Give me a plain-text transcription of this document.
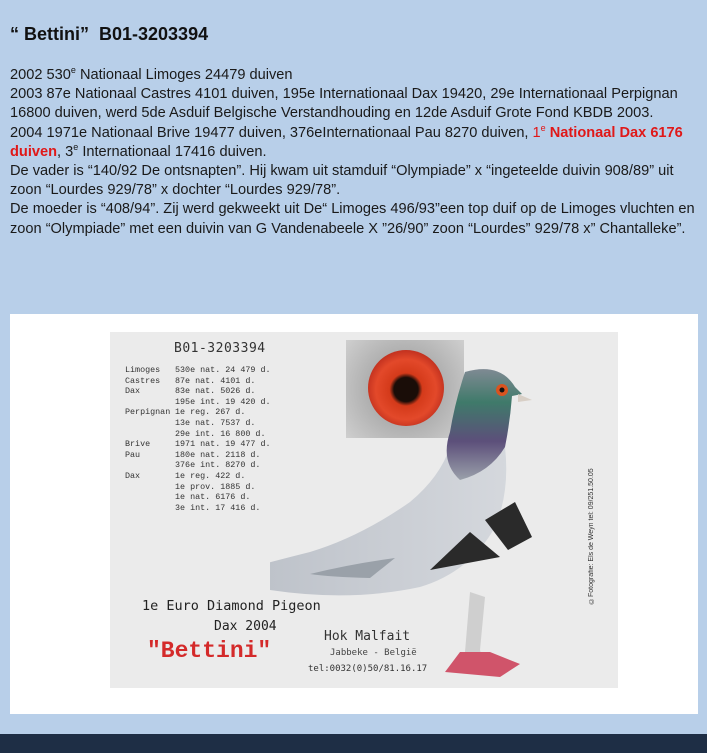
“ Bettini”  B01-3203394

2002 530e Nationaal Limoges 24479 duiven

2003 87e Nationaal Castres 4101 duiven, 195e Internationaal Dax 19420, 29e Internationaal Perpignan 16800 duiven, werd 5de Asduif Belgische Verstandhouding en 12de Asduif Grote Fond KBDB 2003.

2004 1971e Nationaal Brive 19477 duiven, 376eInternationaal Pau 8270 duiven, 1e Nationaal Dax 6176 duiven, 3e Internationaal 17416 duiven.

De vader is “140/92 De ontsnapten”. Hij kwam uit stamduif “Olympiade” x “ingeteelde duivin 908/89” uit zoon “Lourdes 929/78” x dochter “Lourdes 929/78”.

De moeder is “408/94”. Zij werd gekweekt uit De“ Limoges 496/93”een top duif op de Limoges vluchten en zoon “Olympiade” met een duivin van G Vandenabeele X ”26/90” zoon “Lourdes” 929/78 x” Chantalleke”.

B01-3203394
Limoges	530e nat. 24 479 d.
Castres	87e nat. 4101 d.
Dax	83e nat. 5026 d.
195e int. 19 420 d.
Perpignan 1e reg. 267 d.
13e nat. 7537 d.
29e int. 16 800 d.
Brive	1971 nat. 19 477 d.
Pau	180e nat. 2118 d.
376e int. 8270 d.
Dax	1e reg. 422 d.
1e prov. 1885 d.
1e nat. 6176 d.
3e int. 17 416 d.	©Fotografie: Els de Weyn tel: 09/251.50.05
1e Euro Diamond Pigeon
Dax 2004
"Bettini"
Hok Malfait
Jabbeke - België
tel:0032(0)50/81.16.17
